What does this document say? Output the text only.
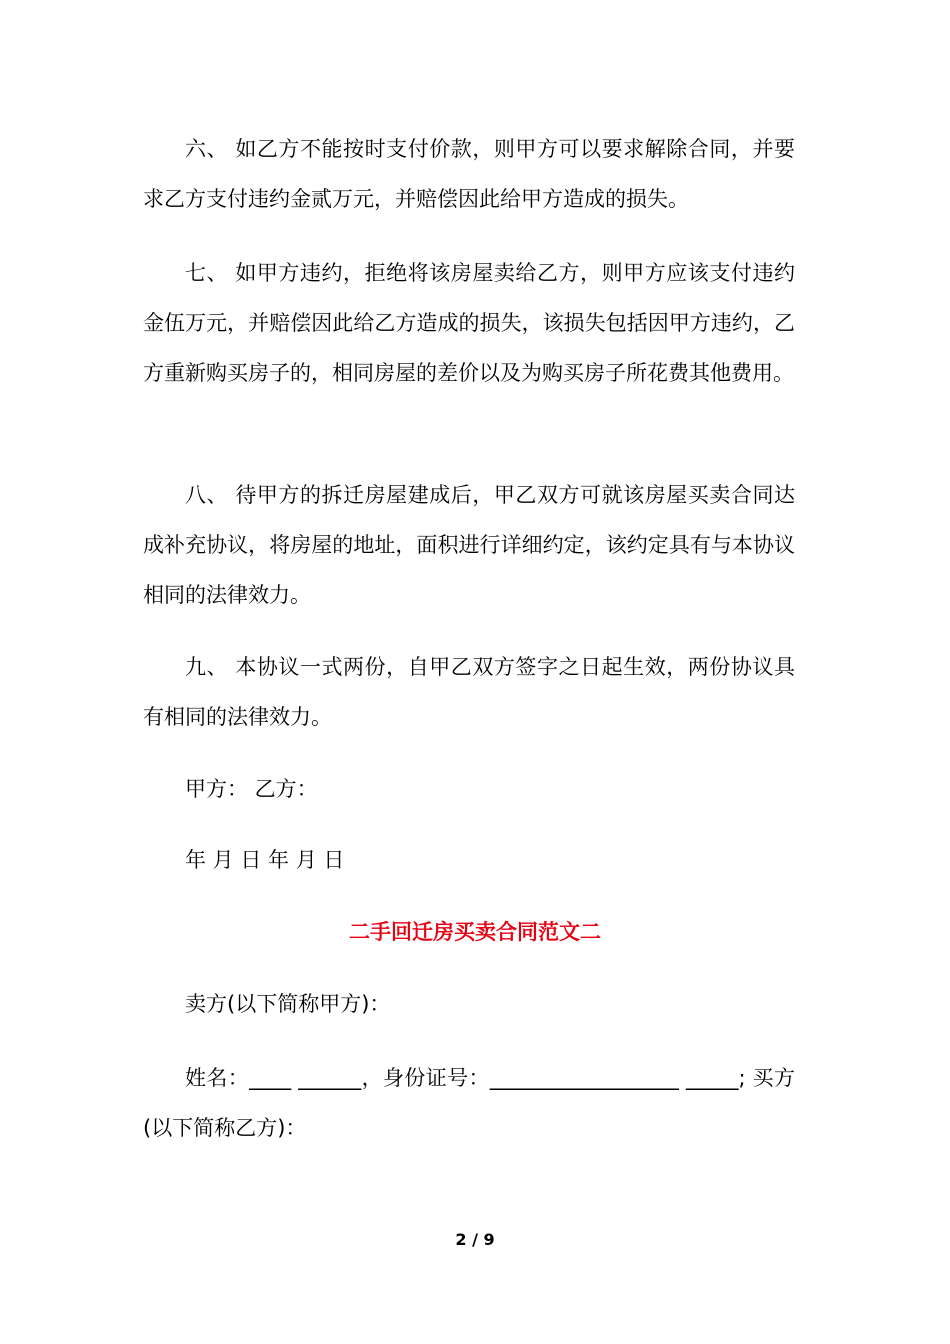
六、 如乙方不能按时支付价款，则甲方可以要求解除合同，并要求乙方支付违约金贰万元，并赔偿因此给甲方造成的损失。

七、 如甲方违约，拒绝将该房屋卖给乙方，则甲方应该支付违约金伍万元，并赔偿因此给乙方造成的损失，该损失包括因甲方违约，乙方重新购买房子的，相同房屋的差价以及为购买房子所花费其他费用。

八、 待甲方的拆迁房屋建成后，甲乙双方可就该房屋买卖合同达成补充协议，将房屋的地址，面积进行详细约定，该约定具有与本协议相同的法律效力。

九、 本协议一式两份，自甲乙双方签字之日起生效，两份协议具有相同的法律效力。

甲方： 乙方：

年 月 日 年 月 日

二手回迁房买卖合同范文二

卖方(以下简称甲方)：

姓名：____ ______，身份证号：__________________ _____; 买方(以下简称乙方)：

2 / 9
